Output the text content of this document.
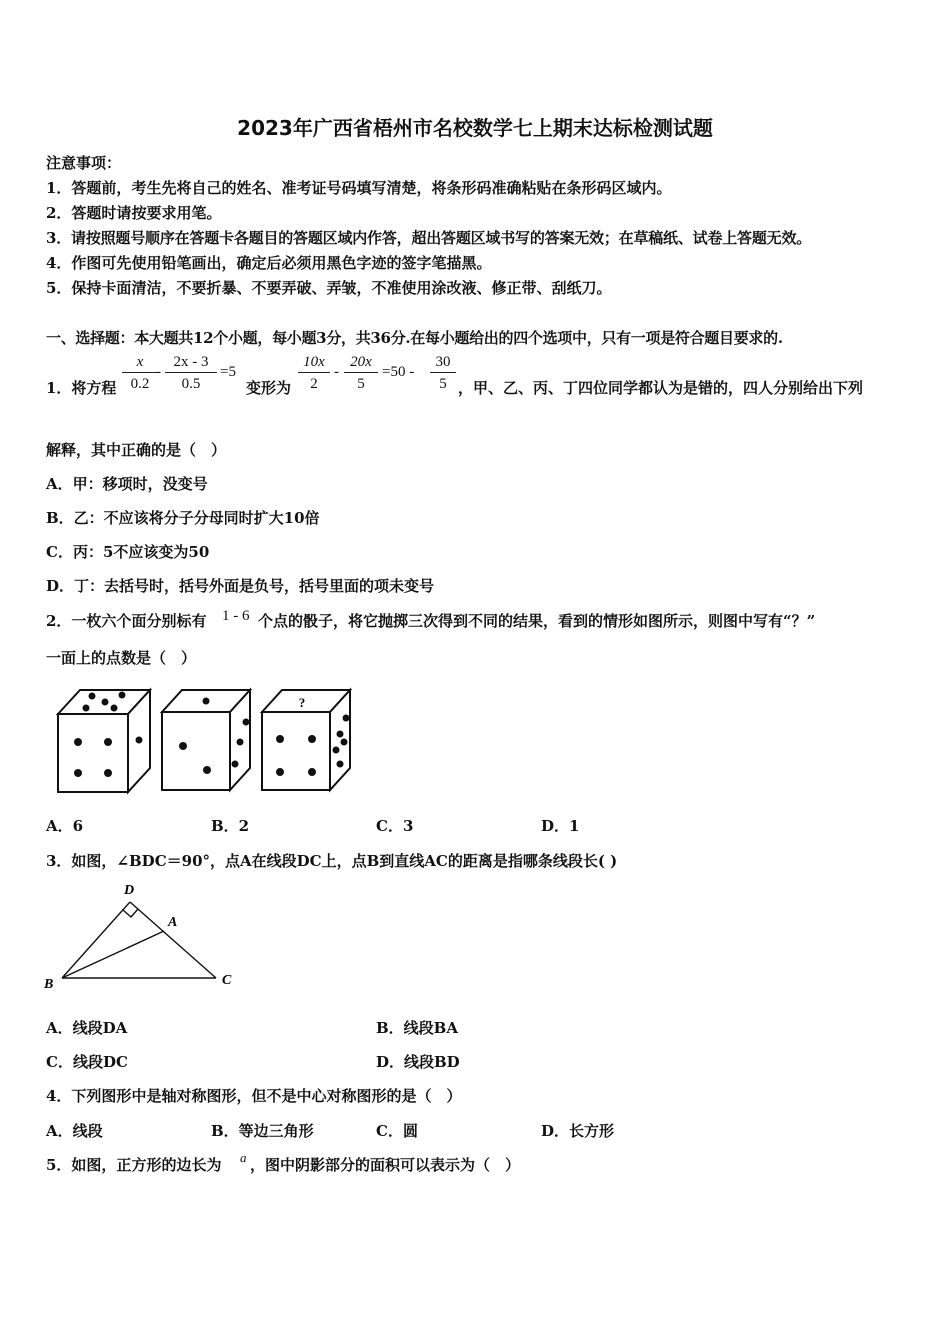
2023年广西省梧州市名校数学七上期末达标检测试题
注意事项：
1．答题前，考生先将自己的姓名、准考证号码填写清楚，将条形码准确粘贴在条形码区域内。
2．答题时请按要求用笔。
3．请按照题号顺序在答题卡各题目的答题区域内作答，超出答题区域书写的答案无效；在草稿纸、试卷上答题无效。
4．作图可先使用铅笔画出，确定后必须用黑色字迹的签字笔描黑。
5．保持卡面清洁，不要折暴、不要弄破、弄皱，不准使用涂改液、修正带、刮纸刀。
一、选择题：本大题共12个小题，每小题3分，共36分.在每小题给出的四个选项中，只有一项是符合题目要求的.
1．将方程 $\frac{x}{0.2}$
- $\frac{2x - 3}{0.5} =5$
变形为 $\frac{10x}{2} - \frac{20x}{5} =50 - \frac{30}{5}$ ，甲、乙、丙、丁四位同学都认为是错的，四人分别给出下列
解释，其中正确的是（　）
A．甲：移项时，没变号
B．乙：不应该将分子分母同时扩大10倍
C．丙：5不应该变为50
D．丁：去括号时，括号外面是负号，括号里面的项未变号
2．一枚六个面分别标有 1 - 6 个点的骰子，将它抛掷三次得到不同的结果，看到的情形如图所示，则图中写有“？”
一面上的点数是（　）
?
A．6	B．2	C．3	D．1
3．如图，∠BDC＝90°，点A在线段DC上，点B到直线AC的距离是指哪条线段长( )
D
A
B	C
A．线段DA	B．线段BA
C．线段DC	D．线段BD
4．下列图形中是轴对称图形，但不是中心对称图形的是（　）
A．线段	B．等边三角形	C．圆	D．长方形
5．如图，正方形的边长为 a ，图中阴影部分的面积可以表示为（　）
